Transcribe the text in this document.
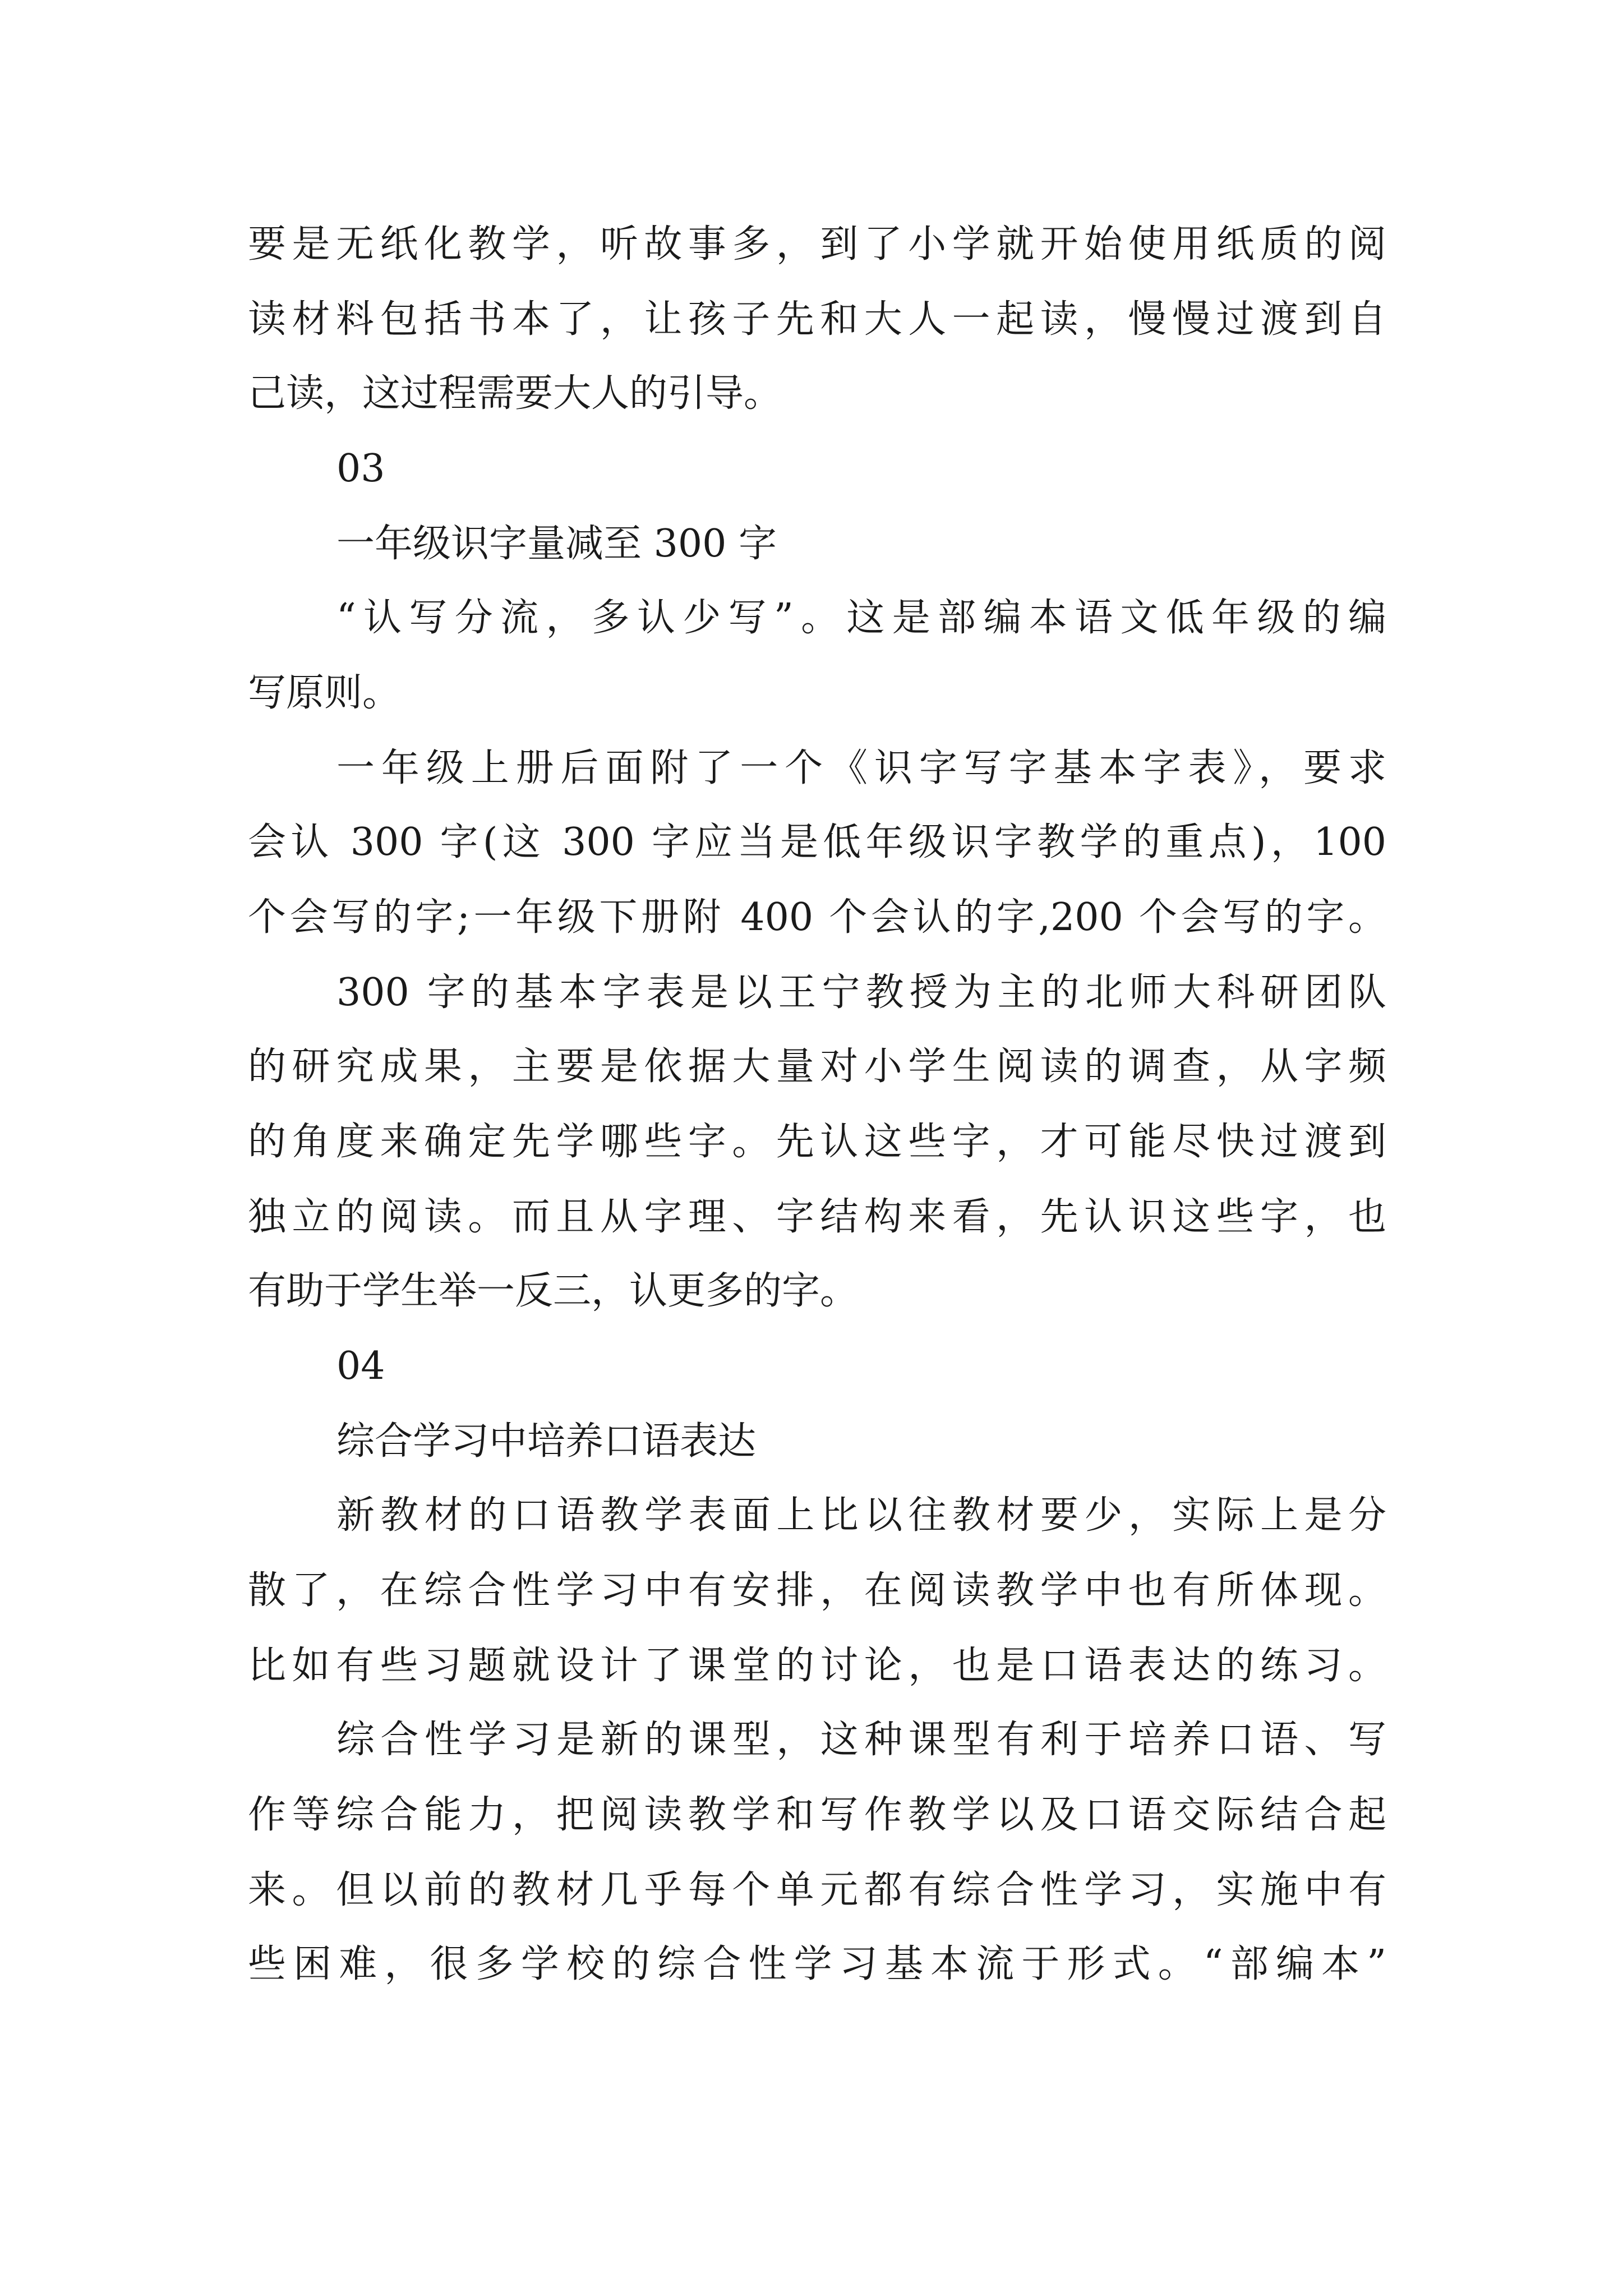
要是无纸化教学，听故事多，到了小学就开始使用纸质的阅
读材料包括书本了，让孩子先和大人一起读，慢慢过渡到自
己读，这过程需要大人的引导。
03
一年级识字量减至 300 字
“认写分流，多认少写”。这是部编本语文低年级的编
写原则。
一年级上册后面附了一个《识字写字基本字表》，要求
会认 300 字(这 300 字应当是低年级识字教学的重点)，100
个会写的字;一年级下册附 400 个会认的字,200 个会写的字。
300 字的基本字表是以王宁教授为主的北师大科研团队
的研究成果，主要是依据大量对小学生阅读的调查，从字频
的角度来确定先学哪些字。先认这些字，才可能尽快过渡到
独立的阅读。而且从字理、字结构来看，先认识这些字，也
有助于学生举一反三，认更多的字。
04
综合学习中培养口语表达
新教材的口语教学表面上比以往教材要少，实际上是分
散了，在综合性学习中有安排，在阅读教学中也有所体现。
比如有些习题就设计了课堂的讨论，也是口语表达的练习。
综合性学习是新的课型，这种课型有利于培养口语、写
作等综合能力，把阅读教学和写作教学以及口语交际结合起
来。但以前的教材几乎每个单元都有综合性学习，实施中有
些困难，很多学校的综合性学习基本流于形式。“部编本”
